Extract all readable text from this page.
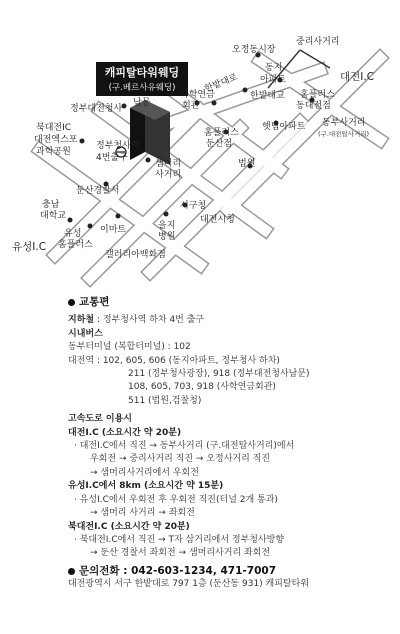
캐피탈타워웨딩
(구.베르사유웨딩)
중리사거리
오정동시장
동지
아파트	대전I.C
한밭대교
사학연금
회관
정부대전청사
남문
한밭대로
홈플러스
동대전점
동부사거리
(구.대전탑사거리)
북대전IC
대전엑스포
과학공원
정부청사역
4번출구
홈플러스
둔산점
햇님아파트
법원
샘머리
사거리
둔산경찰서
충남
대학교
서구청
대전시청
유성
홈플러스
이마트	을지
병원
갤러리아백화점
유성I.C
교통편
지하철 : 정부청사역 하차 4번 출구
시내버스
동부터미널 (복합터미널) : 102
대전역 : 102, 605, 606 (동지아파트, 정부청사 하차)
211 (정부청사광장), 918 (정부대전청사남문)
108, 605, 703, 918 (사학연금회관)
511 (법원,검찰청)
고속도로 이용시
대전I.C (소요시간 약 20분)
· 대전I.C에서 직진 → 동부사거리 (구.대전탑사거리)에서
우회전 → 중리사거리 직진 → 오정사거리 직진
→ 샘머리사거리에서 우회전
유성I.C에서 8km (소요시간 약 15분)
· 유성I.C에서 우회전 후 우회전 직진(터널 2개 통과)
→ 샘머리 사거리 → 좌회전
북대전I.C (소요시간 약 20분)
· 북대전I.C에서 직진 → T자 삼거리에서 정부청사방향
→ 둔산 경찰서 좌회전 → 샘머리사거리 좌회전
문의전화 : 042-603-1234, 471-7007
대전광역시 서구 한밭대로 797 1층 (둔산동 931) 캐피탈타워
